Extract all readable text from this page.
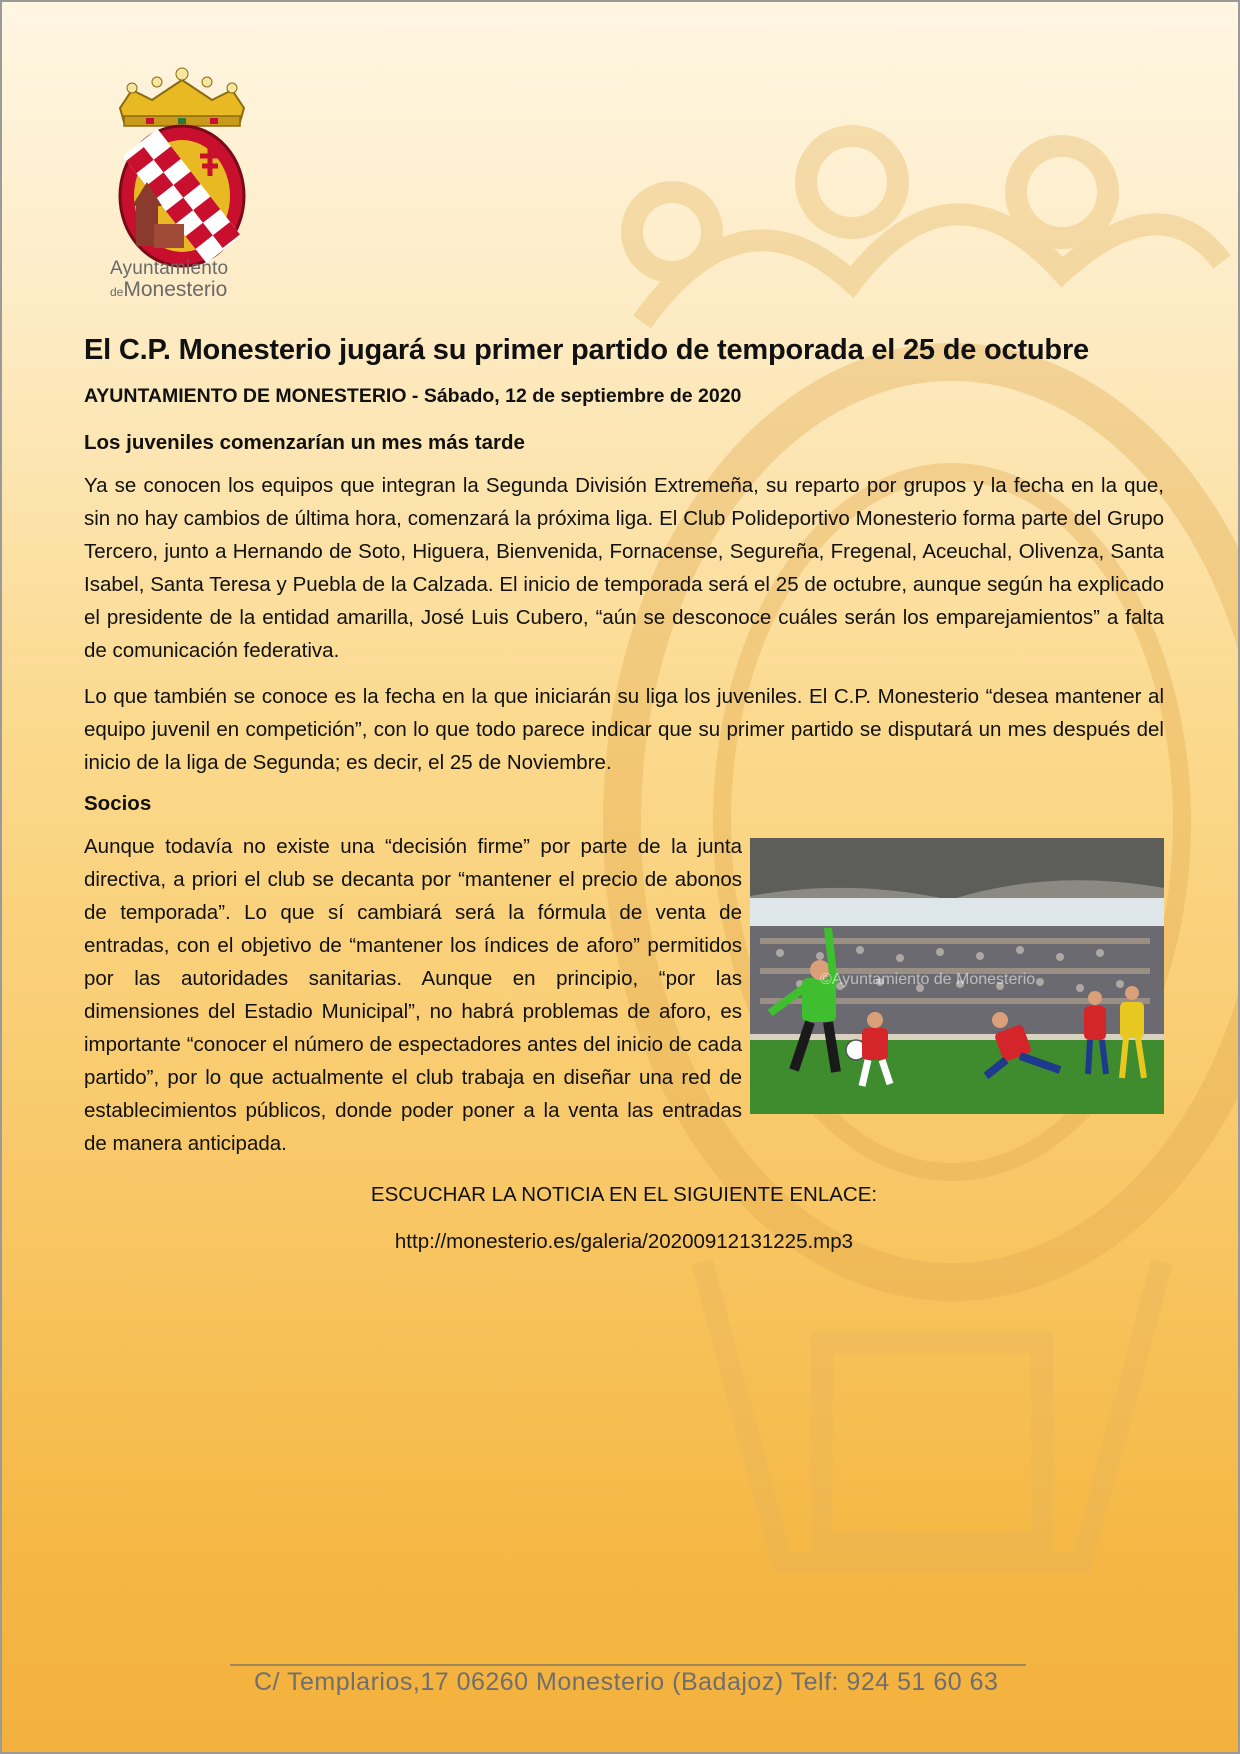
Ayuntamiento
deMonesterio
El C.P. Monesterio jugará su primer partido de temporada el 25 de octubre
AYUNTAMIENTO DE MONESTERIO - Sábado, 12 de septiembre de 2020
Los juveniles comenzarían un mes más tarde

Ya se conocen los equipos que integran la Segunda División Extremeña, su reparto por grupos y la fecha en la que, sin no hay cambios de última hora, comenzará la próxima liga. El Club Polideportivo Monesterio forma parte del Grupo Tercero, junto a Hernando de Soto, Higuera, Bienvenida, Fornacense, Segureña, Fregenal, Aceuchal, Olivenza, Santa Isabel, Santa Teresa y Puebla de la Calzada. El inicio de temporada será el 25 de octubre, aunque según ha explicado el presidente de la entidad amarilla, José Luis Cubero, “aún se desconoce cuáles serán los emparejamientos” a falta de comunicación federativa.

Lo que también se conoce es la fecha en la que iniciarán su liga los juveniles. El C.P. Monesterio “desea mantener al equipo juvenil en competición”, con lo que todo parece indicar que su primer partido se disputará un mes después del inicio de la liga de Segunda; es decir, el 25 de Noviembre.

Socios
©Ayuntamiento de Monesterio

Aunque todavía no existe una “decisión firme” por parte de la junta directiva, a priori el club se decanta por “mantener el precio de abonos de temporada”. Lo que sí cambiará será la fórmula de venta de entradas, con el objetivo de “mantener los índices de aforo” permitidos por las autoridades sanitarias. Aunque en principio, “por las dimensiones del Estadio Municipal”, no habrá problemas de aforo, es importante “conocer el número de espectadores antes del inicio de cada partido”, por lo que actualmente el club trabaja en diseñar una red de establecimientos públicos, donde poder poner a la venta las entradas de manera anticipada.

ESCUCHAR LA NOTICIA EN EL SIGUIENTE ENLACE:
http://monesterio.es/galeria/20200912131225.mp3
C/ Templarios,17 06260 Monesterio (Badajoz) Telf: 924 51 60 63
